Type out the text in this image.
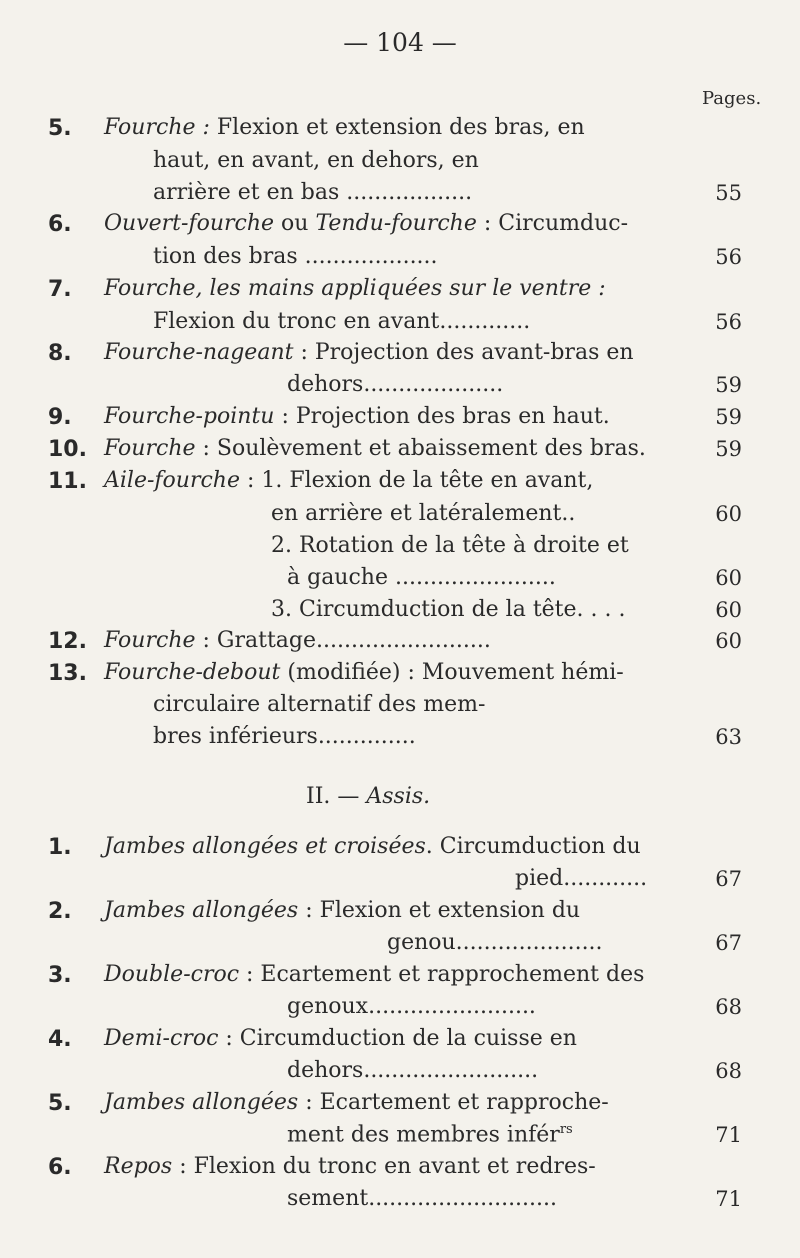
— 104 —
Pages.
5. Fourche : Flexion et extension des bras, en
haut, en avant, en dehors, en
arrière et en bas ..................	55
6. Ouvert-fourche ou Tendu-fourche : Circumduc-
tion des bras ...................	56
7. Fourche, les mains appliquées sur le ventre :
Flexion du tronc en avant.............	56
8. Fourche-nageant : Projection des avant-bras en
dehors....................	59
9. Fourche-pointu : Projection des bras en haut.	59
10. Fourche : Soulèvement et abaissement des bras.	59
11. Aile-fourche : 1. Flexion de la tête en avant,
en arrière et latéralement..	60
2. Rotation de la tête à droite et
à gauche .......................	60
3. Circumduction de la tête. . . .	60
12. Fourche : Grattage.........................	60
13. Fourche-debout (modifiée) : Mouvement hémi-
circulaire alternatif des mem-
bres inférieurs..............	63
II. — Assis.
1. Jambes allongées et croisées. Circumduction du
pied............	67
2. Jambes allongées : Flexion et extension du
genou.....................	67
3. Double-croc : Ecartement et rapprochement des
genoux........................	68
4. Demi-croc : Circumduction de la cuisse en
dehors.........................	68
5. Jambes allongées : Ecartement et rapproche-
ment des membres infér$^{rs}$	71
6. Repos : Flexion du tronc en avant et redres-
sement...........................	71
